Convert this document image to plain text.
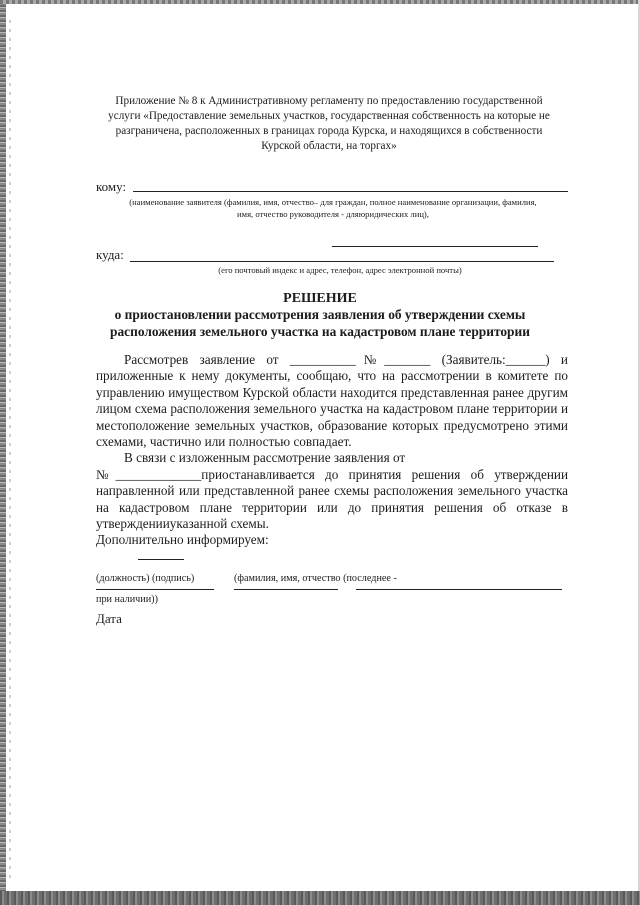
Приложение № 8 к Административному регламенту по предоставлению государственной
услуги «Предоставление земельных участков, государственная собственность на которые не
разграничена, расположенных в границах города Курска, и находящихся в собственности
Курской области, на торгах»
кому:
(наименование заявителя (фамилия, имя, отчество– для граждан, полное наименование организации, фамилия,
имя, отчество руководителя - дляюридических лиц),
куда:
(его почтовый индекс и адрес, телефон, адрес электронной почты)
РЕШЕНИЕ
о приостановлении рассмотрения заявления об утверждении схемы
расположения земельного участка на кадастровом плане территории

Рассмотрев заявление от __________№_______ (Заявитель:______) и приложенные к нему документы, сообщаю, что на рассмотрении в комитете по управлению имуществом Курской области находится представленная ранее другим лицом схема расположения земельного участка на кадастровом плане территории и местоположение земельных участков, образование которых предусмотрено этими схемами, частично или полностью совпадает.

В связи с изложенным рассмотрение заявления от

№_____________приостанавливается до принятия решения об утверждении направленной или представленной ранее схемы расположения земельного участка на кадастровом плане территории или до принятия решения об отказе в утвержденииуказанной схемы.

Дополнительно информируем:

(должность) (подпись)	(фамилия, имя, отчество (последнее -
при наличии))
Дата
